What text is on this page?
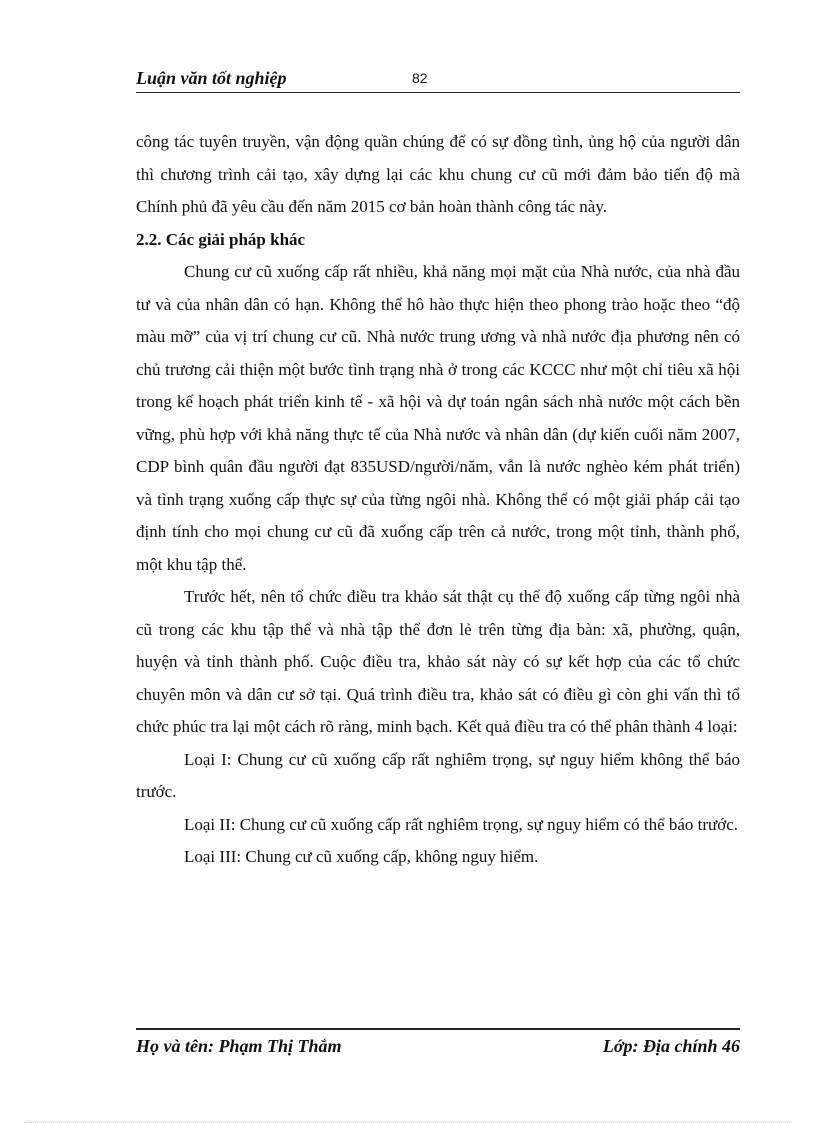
Luận văn tốt nghiệp	82

công tác tuyên truyền, vận động quần chúng để có sự đồng tình, ủng hộ của người dân thì chương trình cải tạo, xây dựng lại các khu chung cư cũ mới đảm bảo tiến độ mà Chính phủ đã yêu cầu đến năm 2015 cơ bản hoàn thành công tác này.

2.2. Các giải pháp khác

Chung cư cũ xuống cấp rất nhiều, khả năng mọi mặt của Nhà nước, của nhà đầu tư và của nhân dân có hạn. Không thể hô hào thực hiện theo phong trào hoặc theo “độ màu mỡ” của vị trí chung cư cũ. Nhà nước trung ương và nhà nước địa phương nên có chủ trương cải thiện một bước tình trạng nhà ở trong các KCCC như một chỉ tiêu xã hội trong kế hoạch phát triển kinh tế - xã hội và dự toán ngân sách nhà nước một cách bền vững, phù hợp với khả năng thực tế của Nhà nước và nhân dân (dự kiến cuối năm 2007, CDP bình quân đầu người đạt 835USD/người/năm, vẫn là nước nghèo kém phát triển) và tình trạng xuống cấp thực sự của từng ngôi nhà. Không thể có một giải pháp cải tạo định tính cho mọi chung cư cũ đã xuống cấp trên cả nước, trong một tỉnh, thành phố, một khu tập thể.

Trước hết, nên tổ chức điều tra khảo sát thật cụ thể độ xuống cấp từng ngôi nhà cũ trong các khu tập thể và nhà tập thể đơn lẻ trên từng địa bàn: xã, phường, quận, huyện và tỉnh thành phố. Cuộc điều tra, khảo sát này có sự kết hợp của các tổ chức chuyên môn và dân cư sở tại. Quá trình điều tra, khảo sát có điều gì còn ghi vấn thì tổ chức phúc tra lại một cách rõ ràng, minh bạch. Kết quả điều tra có thể phân thành 4 loại:

Loại I: Chung cư cũ xuống cấp rất nghiêm trọng, sự nguy hiểm không thể báo trước.

Loại II: Chung cư cũ xuống cấp rất nghiêm trọng, sự nguy hiểm có thể báo trước.

Loại III: Chung cư cũ xuống cấp, không nguy hiểm.

Họ và tên: Phạm Thị Thắm	Lớp: Địa chính 46
